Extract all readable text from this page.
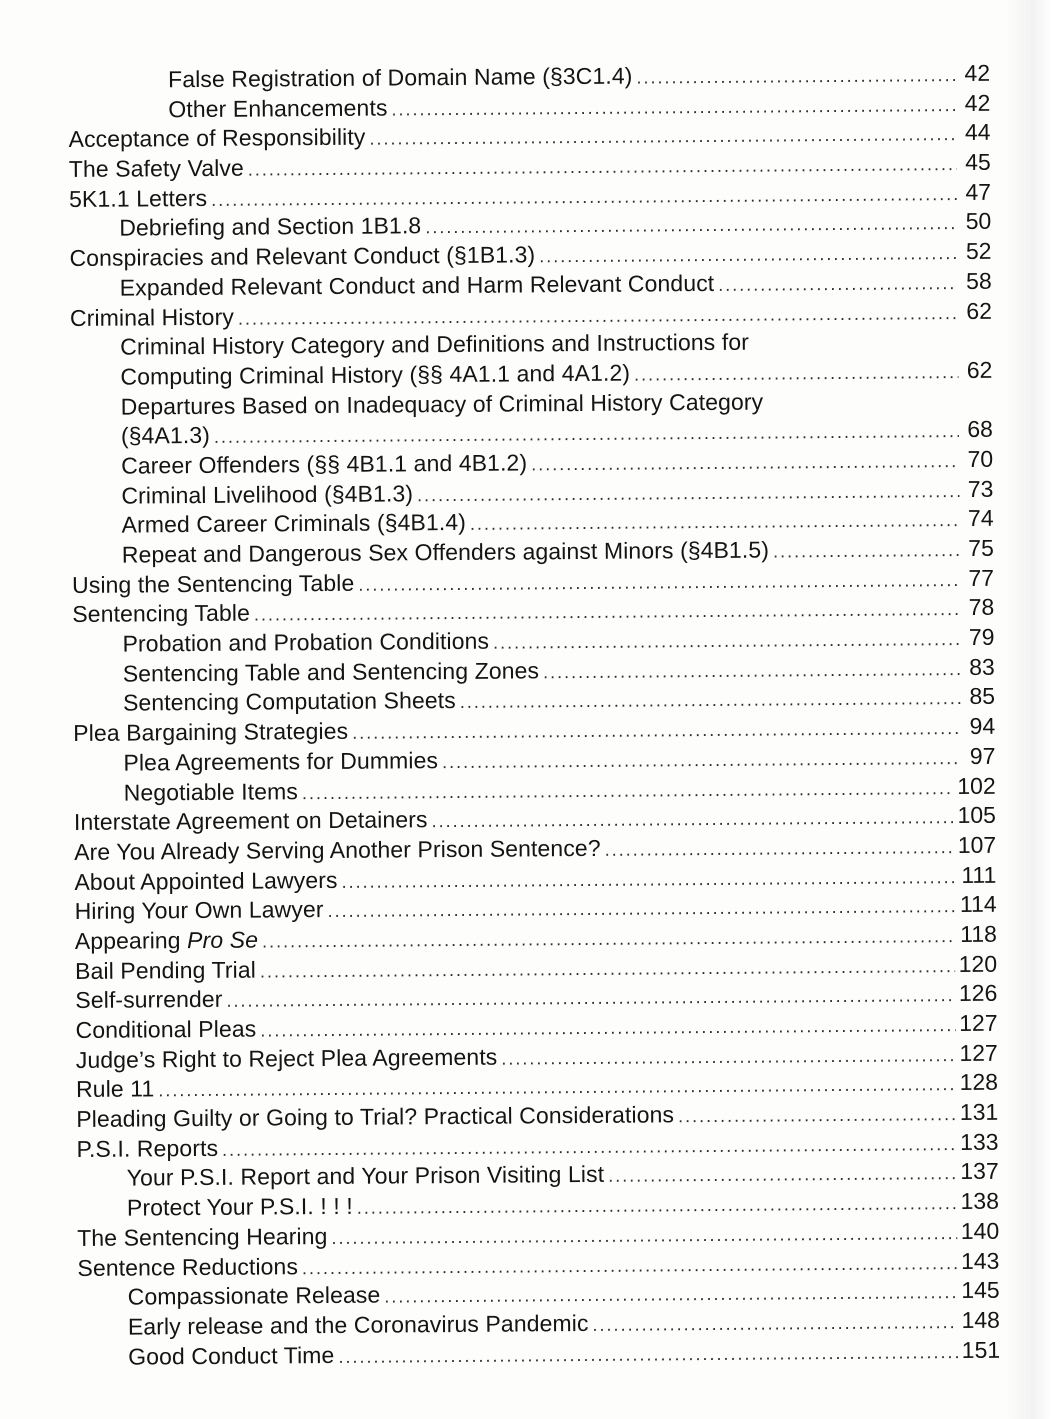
False Registration of Domain Name (§3C1.4) .....	42
Other Enhancements .....	42
Acceptance of Responsibility .....	44
The Safety Valve .....	45
5K1.1 Letters .....	47
Debriefing and Section 1B1.8 .....	50
Conspiracies and Relevant Conduct (§1B1.3) .....	52
Expanded Relevant Conduct and Harm Relevant Conduct .....	58
Criminal History .....	62
Criminal History Category and Definitions and Instructions for
Computing Criminal History (§§ 4A1.1 and 4A1.2) .....	62
Departures Based on Inadequacy of Criminal History Category
(§4A1.3) .....	68
Career Offenders (§§ 4B1.1 and 4B1.2) .....	70
Criminal Livelihood (§4B1.3) .....	73
Armed Career Criminals (§4B1.4) .....	74
Repeat and Dangerous Sex Offenders against Minors (§4B1.5) .....	75
Using the Sentencing Table .....	77
Sentencing Table .....	78
Probation and Probation Conditions .....	79
Sentencing Table and Sentencing Zones .....	83
Sentencing Computation Sheets .....	85
Plea Bargaining Strategies .....	94
Plea Agreements for Dummies .....	97
Negotiable Items .....	102
Interstate Agreement on Detainers .....	105
Are You Already Serving Another Prison Sentence? .....	107
About Appointed Lawyers .....	111
Hiring Your Own Lawyer .....	114
Appearing Pro Se .....	118
Bail Pending Trial .....	120
Self-surrender .....	126
Conditional Pleas .....	127
Judge’s Right to Reject Plea Agreements .....	127
Rule 11 .....	128
Pleading Guilty or Going to Trial? Practical Considerations .....	131
P.S.I. Reports .....	133
Your P.S.I. Report and Your Prison Visiting List .....	137
Protect Your P.S.I. ! ! ! .....	138
The Sentencing Hearing .....	140
Sentence Reductions .....	143
Compassionate Release .....	145
Early release and the Coronavirus Pandemic .....	148
Good Conduct Time .....	151
